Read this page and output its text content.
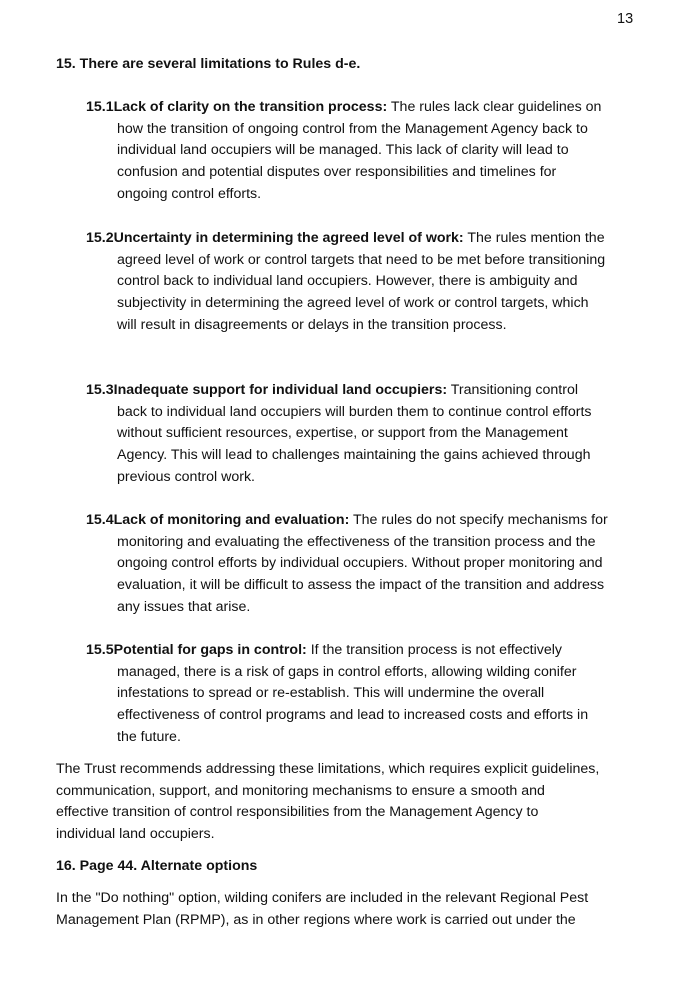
13
15. There are several limitations to Rules d-e.
15.1Lack of clarity on the transition process: The rules lack clear guidelines on
how the transition of ongoing control from the Management Agency back to
individual land occupiers will be managed. This lack of clarity will lead to
confusion and potential disputes over responsibilities and timelines for
ongoing control efforts.
15.2Uncertainty in determining the agreed level of work: The rules mention the
agreed level of work or control targets that need to be met before transitioning
control back to individual land occupiers. However, there is ambiguity and
subjectivity in determining the agreed level of work or control targets, which
will result in disagreements or delays in the transition process.
15.3Inadequate support for individual land occupiers: Transitioning control
back to individual land occupiers will burden them to continue control efforts
without sufficient resources, expertise, or support from the Management
Agency. This will lead to challenges maintaining the gains achieved through
previous control work.
15.4Lack of monitoring and evaluation: The rules do not specify mechanisms for
monitoring and evaluating the effectiveness of the transition process and the
ongoing control efforts by individual occupiers. Without proper monitoring and
evaluation, it will be difficult to assess the impact of the transition and address
any issues that arise.
15.5Potential for gaps in control: If the transition process is not effectively
managed, there is a risk of gaps in control efforts, allowing wilding conifer
infestations to spread or re-establish. This will undermine the overall
effectiveness of control programs and lead to increased costs and efforts in
the future.
The Trust recommends addressing these limitations, which requires explicit guidelines,
communication, support, and monitoring mechanisms to ensure a smooth and
effective transition of control responsibilities from the Management Agency to
individual land occupiers.
16. Page 44. Alternate options
In the "Do nothing" option, wilding conifers are included in the relevant Regional Pest
Management Plan (RPMP), as in other regions where work is carried out under the
